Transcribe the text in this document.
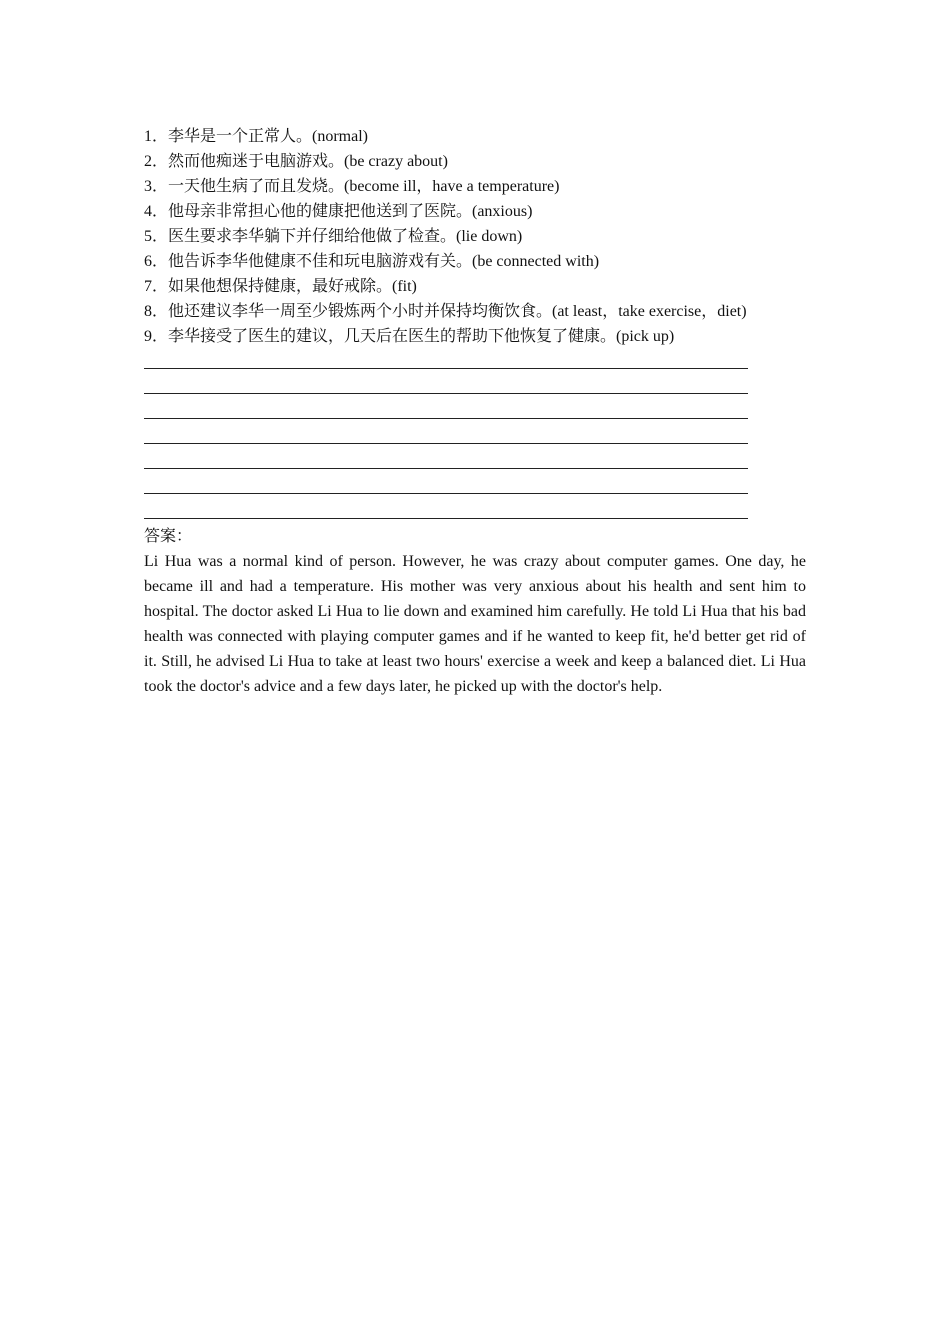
1．李华是一个正常人。(normal)
2．然而他痴迷于电脑游戏。(be crazy about)
3．一天他生病了而且发烧。(become ill，have a temperature)
4．他母亲非常担心他的健康把他送到了医院。(anxious)
5．医生要求李华躺下并仔细给他做了检查。(lie down)
6．他告诉李华他健康不佳和玩电脑游戏有关。(be connected with)
7．如果他想保持健康，最好戒除。(fit)
8．他还建议李华一周至少锻炼两个小时并保持均衡饮食。(at least，take exercise，diet)
9．李华接受了医生的建议，几天后在医生的帮助下他恢复了健康。(pick up)
答案：
Li Hua was a normal kind of person. However, he was crazy about computer games. One day, he became ill and had a temperature. His mother was very anxious about his health and sent him to hospital. The doctor asked Li Hua to lie down and examined him carefully. He told Li Hua that his bad health was connected with playing computer games and if he wanted to keep fit, he'd better get rid of it. Still, he advised Li Hua to take at least two hours' exercise a week and keep a balanced diet. Li Hua took the doctor's advice and a few days later, he picked up with the doctor's help.
